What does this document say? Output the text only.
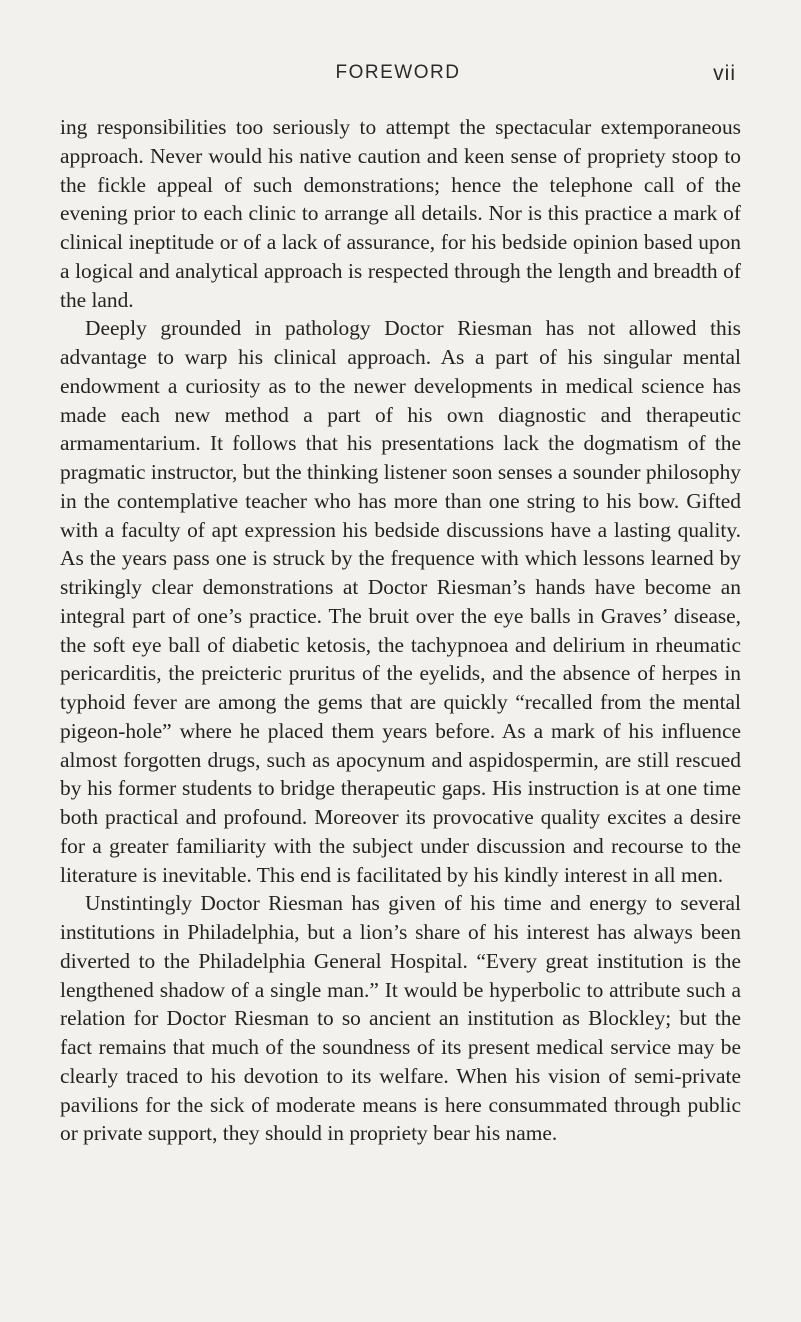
FOREWORD	vii

ing responsibilities too seriously to attempt the spectacular extemporaneous approach. Never would his native caution and keen sense of propriety stoop to the fickle appeal of such demonstrations; hence the telephone call of the evening prior to each clinic to arrange all details. Nor is this practice a mark of clinical ineptitude or of a lack of assurance, for his bedside opinion based upon a logical and analytical approach is respected through the length and breadth of the land.

Deeply grounded in pathology Doctor Riesman has not allowed this advantage to warp his clinical approach. As a part of his singular mental endowment a curiosity as to the newer developments in medical science has made each new method a part of his own diagnostic and therapeutic armamentarium. It follows that his presentations lack the dogmatism of the pragmatic instructor, but the thinking listener soon senses a sounder philosophy in the contemplative teacher who has more than one string to his bow. Gifted with a faculty of apt expression his bedside discussions have a lasting quality. As the years pass one is struck by the frequence with which lessons learned by strikingly clear demonstrations at Doctor Riesman’s hands have become an integral part of one’s practice. The bruit over the eye balls in Graves’ disease, the soft eye ball of diabetic ketosis, the tachypnoea and delirium in rheumatic pericarditis, the preicteric pruritus of the eyelids, and the absence of herpes in typhoid fever are among the gems that are quickly “recalled from the mental pigeon-hole” where he placed them years before. As a mark of his influence almost forgotten drugs, such as apocynum and aspidospermin, are still rescued by his former students to bridge therapeutic gaps. His instruction is at one time both practical and profound. Moreover its provocative quality excites a desire for a greater familiarity with the subject under discussion and recourse to the literature is inevitable. This end is facilitated by his kindly interest in all men.

Unstintingly Doctor Riesman has given of his time and energy to several institutions in Philadelphia, but a lion’s share of his interest has always been diverted to the Philadelphia General Hospital. “Every great institution is the lengthened shadow of a single man.” It would be hyperbolic to attribute such a relation for Doctor Riesman to so ancient an institution as Blockley; but the fact remains that much of the soundness of its present medical service may be clearly traced to his devotion to its welfare. When his vision of semi-private pavilions for the sick of moderate means is here consummated through public or private support, they should in propriety bear his name.
